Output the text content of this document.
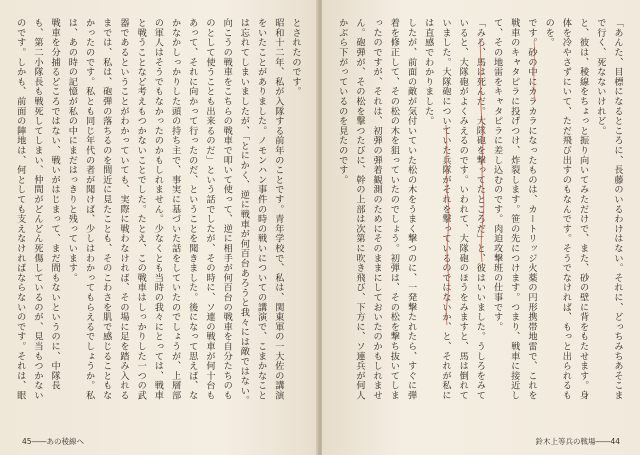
とされたのです。

昭和十二年、私が入隊する前年のことです。青年学校で、私は、関東軍の一大佐の講演をいたことがありました。ノモンハン事件の時の戦いについての講演で、こまかなことは忘れてしまいましたが、「とにかく、逆に戦車が何百台あろうと我々には敵ではない。向こうの戦車をこちらの戦車で叩いて使って、逆に相手が何百台の戦車を自分たちのものとして使うことも出来るのだ」という話でしたが、その時に、ソ連の戦車が何十台もあって、それに向かって行ったのだ、ということを聞きました。後になって思えば、なかなかしっかりした頭の持ち主で、事実に基づいた話をしていたのでしょうが、上層部の軍人はそうでもなかったのかもしれません。少なくとも当時の我々にとっては、戦車と戦うことなど考えもつかないことでした。たとえ、この戦車はしっかりした一つの武器であるということがわかっていても、実際に戦わなければ、その場に足を踏み入れるまでは、私は、砲弾の落ちるのを間近に見たことも、そのこわさを肌で感じることもなかったのです。私とも同じ年代の者が聞けば、少しはわかってもらえるでしょうか。私は、あの時の記憶が私の中にまだはっきりと残っています。

戦車を分捕るどころではない、戦いがはじまって、まだ間もないというのに、中隊長も、第二小隊長も戦死してしまい、仲間がどんどん死傷しているのが、見当もつかないのです。しかも、前面の陣地は、何としても支えなければならないのです。それは、眼

45――あの稜線へ

「あんた、目標になるところに、長藤のいるわけはない。それに、どっちみちあそこまで行く、死なないけれど。

と、彼は、稜線をちょっと振り向いてみただけで、また、砂の壁に背をもたせます。身体を冷やさずにいて、ただ飛び出すのもなんです。そうでなければ、もっと出られるものを。

です。砂の中にカラカラになったものは、カートリッジ火薬の円形携帯地雷で、これを戦車のキャタピラに投げつけ、炸裂します。笹の先につけます。つまり、戦車に接近して、その地雷をキャタピラに差し込むのです。肉迫攻撃班の仕事です。

「みろ、馬は死んだ。大隊砲を撃ってたところだ」と、彼はいいました。うしろをみていると、大隊砲がよくみえるのです。いわれて、大隊砲のほうをみますと、馬は倒れていました。大隊砲についていた兵隊がそれを撃っているのではないか、と、それが私には直感でわかりました。

したが、前面の敵が気付いていた松の木をうまく撃つのに、一発撃たれたら、すぐに弾着を修正して、その松の木を狙っていたのでしょう。初弾は、その松を撃ち抜いてしまったのですが、それは、初弾の弾着観測のためにそのままにしておいたのかもしれません。砲弾が、その松を撃つたびに、幹の上部は次第に吹き飛び、下方に、ソ連兵が何人かぶら下がっているのを見たのです。

鈴木上等兵の戦場――44
